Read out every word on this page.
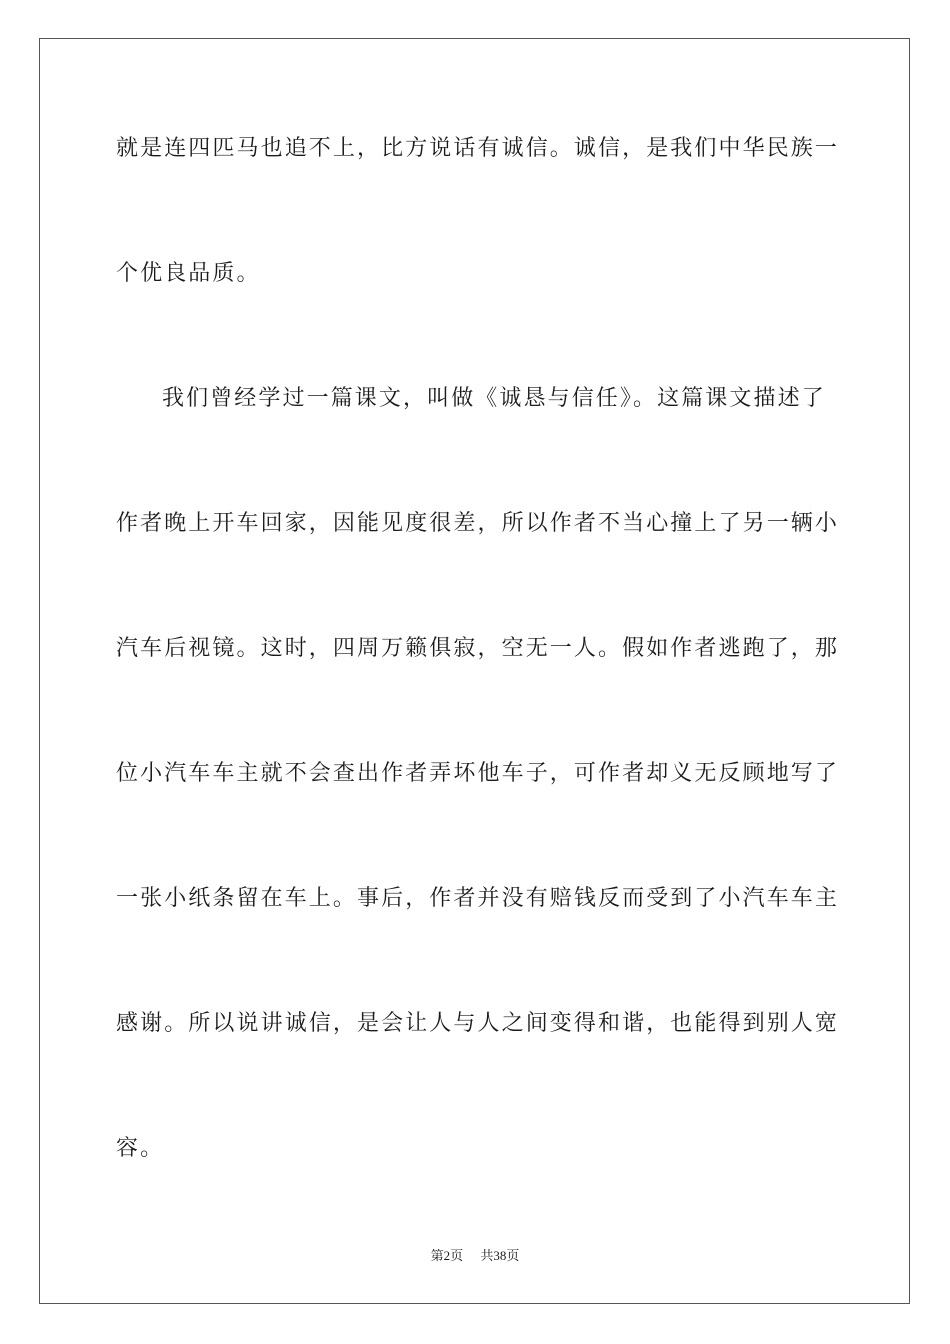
就是连四匹马也追不上，比方说话有诚信。诚信，是我们中华民族一
个优良品质。
我们曾经学过一篇课文，叫做《诚恳与信任》。这篇课文描述了
作者晚上开车回家，因能见度很差，所以作者不当心撞上了另一辆小
汽车后视镜。这时，四周万籁俱寂，空无一人。假如作者逃跑了，那
位小汽车车主就不会查出作者弄坏他车子，可作者却义无反顾地写了
一张小纸条留在车上。事后，作者并没有赔钱反而受到了小汽车车主
感谢。所以说讲诚信，是会让人与人之间变得和谐，也能得到别人宽
容。
第2页 共38页
